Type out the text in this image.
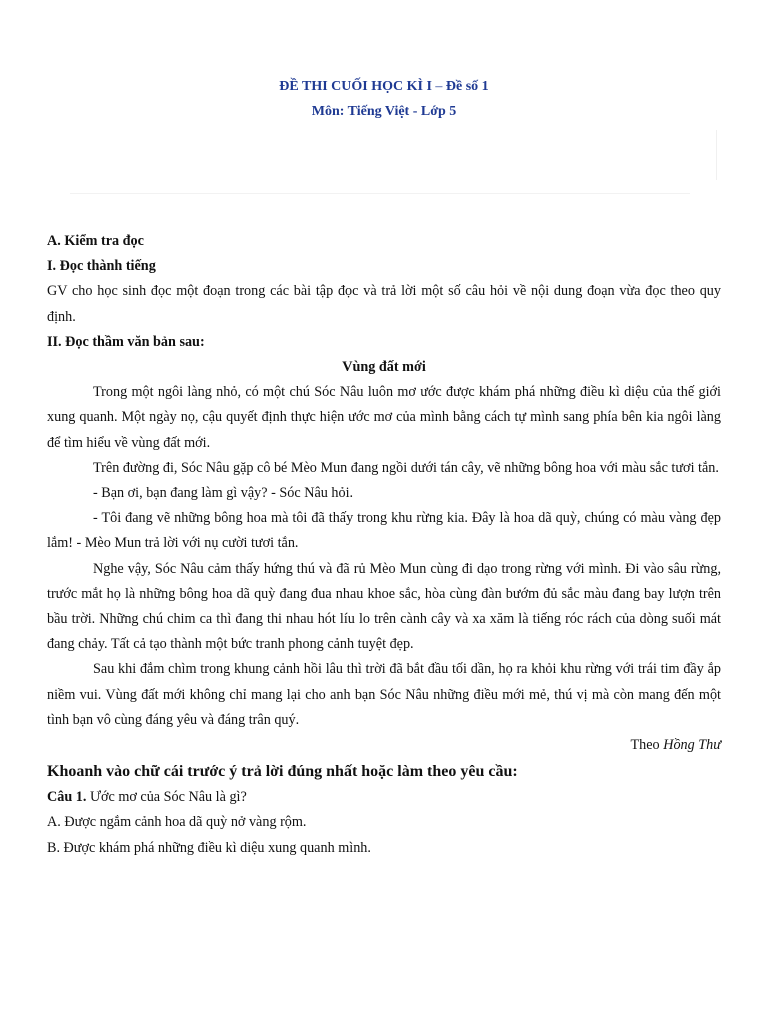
ĐỀ THI CUỐI HỌC KÌ I – Đề số 1
Môn: Tiếng Việt - Lớp 5

A. Kiểm tra đọc

I. Đọc thành tiếng

GV cho học sinh đọc một đoạn trong các bài tập đọc và trả lời một số câu hỏi về nội dung đoạn vừa đọc theo quy định.

II. Đọc thầm văn bản sau:

Vùng đất mới

Trong một ngôi làng nhỏ, có một chú Sóc Nâu luôn mơ ước được khám phá những điều kì diệu của thế giới xung quanh. Một ngày nọ, cậu quyết định thực hiện ước mơ của mình bằng cách tự mình sang phía bên kia ngôi làng để tìm hiểu về vùng đất mới.

Trên đường đi, Sóc Nâu gặp cô bé Mèo Mun đang ngồi dưới tán cây, vẽ những bông hoa với màu sắc tươi tắn.

- Bạn ơi, bạn đang làm gì vậy? - Sóc Nâu hỏi.

- Tôi đang vẽ những bông hoa mà tôi đã thấy trong khu rừng kia. Đây là hoa dã quỳ, chúng có màu vàng đẹp lắm! - Mèo Mun trả lời với nụ cười tươi tắn.

Nghe vậy, Sóc Nâu cảm thấy hứng thú và đã rủ Mèo Mun cùng đi dạo trong rừng với mình. Đi vào sâu rừng, trước mắt họ là những bông hoa dã quỳ đang đua nhau khoe sắc, hòa cùng đàn bướm đủ sắc màu đang bay lượn trên bầu trời. Những chú chim ca thì đang thi nhau hót líu lo trên cành cây và xa xăm là tiếng róc rách của dòng suối mát đang chảy. Tất cả tạo thành một bức tranh phong cảnh tuyệt đẹp.

Sau khi đắm chìm trong khung cảnh hồi lâu thì trời đã bắt đầu tối dần, họ ra khỏi khu rừng với trái tim đầy ắp niềm vui. Vùng đất mới không chỉ mang lại cho anh bạn Sóc Nâu những điều mới mẻ, thú vị mà còn mang đến một tình bạn vô cùng đáng yêu và đáng trân quý.

Theo Hồng Thư

Khoanh vào chữ cái trước ý trả lời đúng nhất hoặc làm theo yêu cầu:

Câu 1. Ước mơ của Sóc Nâu là gì?

A. Được ngắm cảnh hoa dã quỳ nở vàng rộm.

B. Được khám phá những điều kì diệu xung quanh mình.
